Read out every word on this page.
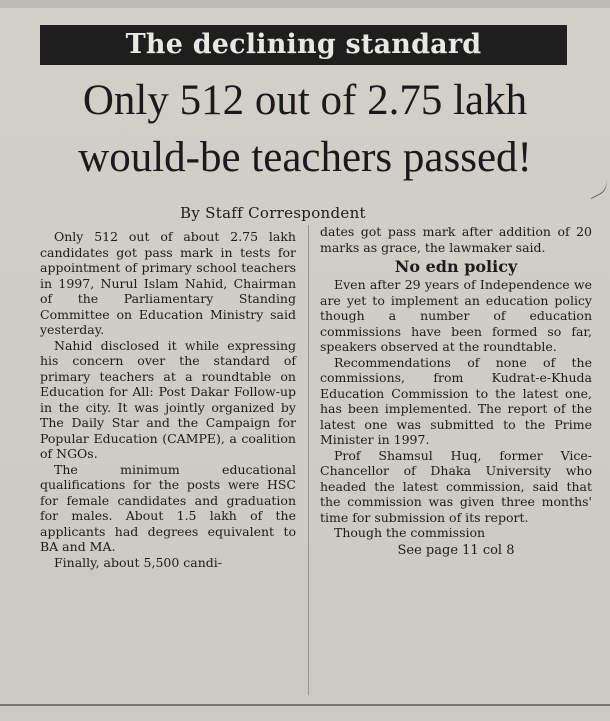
The declining standard
Only 512 out of 2.75 lakh
would-be teachers passed!
By Staff Correspondent

Only 512 out of about 2.75 lakh candidates got pass mark in tests for appointment of primary school teachers in 1997, Nurul Islam Nahid, Chairman of the Parliamentary Standing Committee on Education Ministry said yesterday.

Nahid disclosed it while expressing his concern over the standard of primary teachers at a roundtable on Education for All: Post Dakar Follow-up in the city. It was jointly organized by The Daily Star and the Campaign for Popular Education (CAMPE), a coalition of NGOs.

The minimum educational qualifications for the posts were HSC for female candidates and graduation for males. About 1.5 lakh of the applicants had degrees equivalent to BA and MA.

Finally, about 5,500 candi-

dates got pass mark after addition of 20 marks as grace, the lawmaker said.

No edn policy

Even after 29 years of Independence we are yet to implement an education policy though a number of education commissions have been formed so far, speakers observed at the roundtable.

Recommendations of none of the commissions, from Kudrat-e-Khuda Education Commission to the latest one, has been implemented. The report of the latest one was submitted to the Prime Minister in 1997.

Prof Shamsul Huq, former Vice-Chancellor of Dhaka University who headed the latest commission, said that the commission was given three months' time for submission of its report.

Though the commission

See page 11 col 8
